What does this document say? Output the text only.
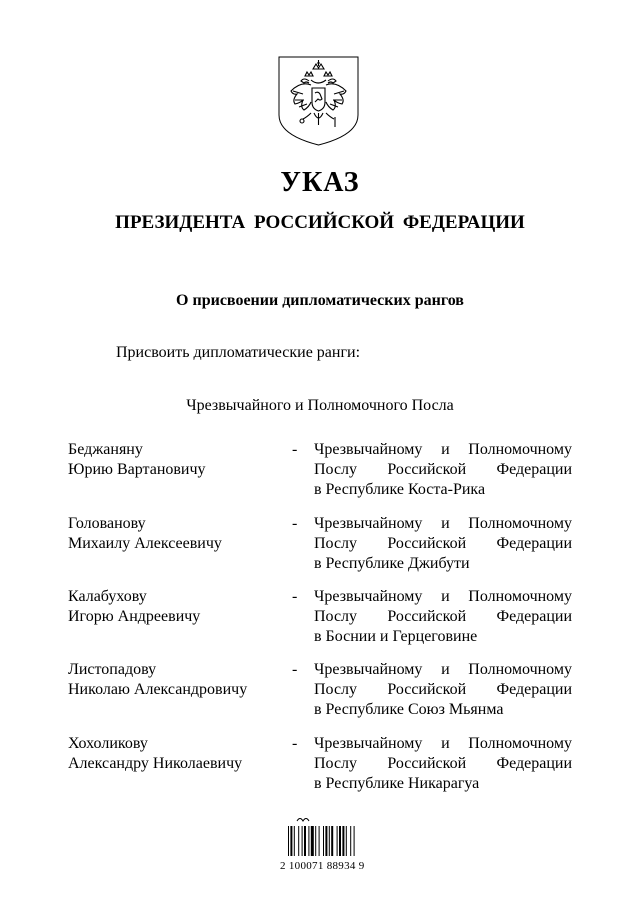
УКАЗ
ПРЕЗИДЕНТА РОССИЙСКОЙ ФЕДЕРАЦИИ
О присвоении дипломатических рангов
Присвоить дипломатические ранги:
Чрезвычайного и Полномочного Посла
Беджаняну
Юрию Вартановичу
- Чрезвычайному и Полномочному
Послу Российской Федерации
в Республике Коста-Рика
Голованову
Михаилу Алексеевичу
- Чрезвычайному и Полномочному
Послу Российской Федерации
в Республике Джибути
Калабухову
Игорю Андреевичу
- Чрезвычайному и Полномочному
Послу Российской Федерации
в Боснии и Герцеговине
Листопадову
Николаю Александровичу
- Чрезвычайному и Полномочному
Послу Российской Федерации
в Республике Союз Мьянма
Хохоликову
Александру Николаевичу
- Чрезвычайному и Полномочному
Послу Российской Федерации
в Республике Никарагуа
2 100071 88934 9
